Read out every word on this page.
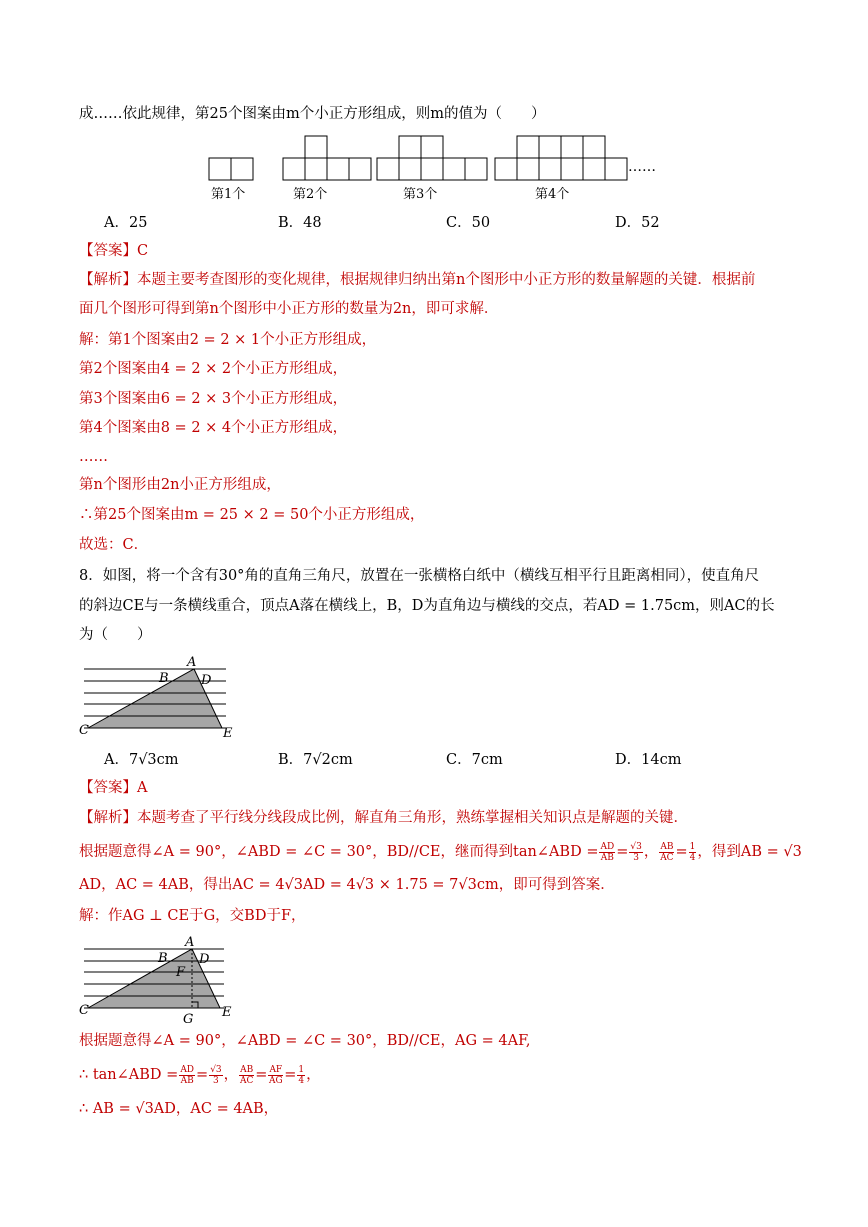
成……依此规律，第25个图案由m个小正方形组成，则m的值为（　　）
第1个	第2个	第3个	第4个
……
A．25	B．48	C．50	D．52
【答案】C
【解析】本题主要考查图形的变化规律，根据规律归纳出第n个图形中小正方形的数量解题的关键．根据前
面几个图形可得到第n个图形中小正方形的数量为2n，即可求解．
解：第1个图案由2 = 2 × 1个小正方形组成，
第2个图案由4 = 2 × 2个小正方形组成，
第3个图案由6 = 2 × 3个小正方形组成，
第4个图案由8 = 2 × 4个小正方形组成，
……
第n个图形由2n小正方形组成，
∴第25个图案由m = 25 × 2 = 50个小正方形组成，
故选：C．
8．如图，将一个含有30°角的直角三角尺，放置在一张横格白纸中（横线互相平行且距离相同），使直角尺
的斜边CE与一条横线重合，顶点A落在横线上，B，D为直角边与横线的交点，若AD = 1.75cm，则AC的长
为（　　）
A
B D
C	E
A．7√3cm	B．7√2cm	C．7cm	D．14cm
【答案】A
【解析】本题考查了平行线分线段成比例，解直角三角形，熟练掌握相关知识点是解题的关键．
根据题意得∠A = 90°，∠ABD = ∠C = 30°，BD//CE，继而得到tan∠ABD = $\frac{AD}{AB} = \frac{√3}{3}$ ， $\frac{AB}{AC} = \frac{1}{4}$ ，得到AB = √3
AD，AC = 4AB，得出AC = 4√3AD = 4√3 × 1.75 = 7√3cm，即可得到答案．
解：作AG ⊥ CE于G，交BD于F，
A
B D
F
C	E
G
根据题意得∠A = 90°，∠ABD = ∠C = 30°，BD//CE，AG = 4AF,
∴ tan∠ABD = $\frac{AD}{AB} = \frac{√3}{3}$ ， $\frac{AB}{AC} = \frac{AF}{AG} = \frac{1}{4}$ ，
∴ AB = √3AD，AC = 4AB，
